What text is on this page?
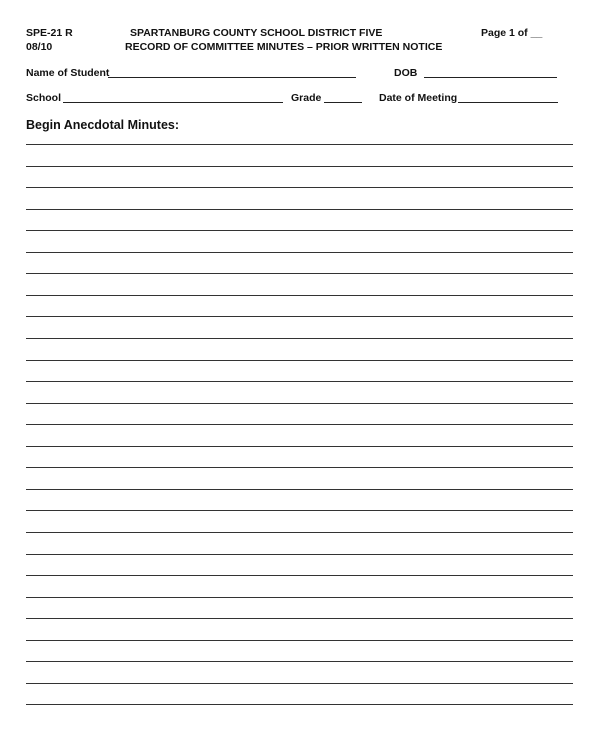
SPE-21 R
08/10
SPARTANBURG COUNTY SCHOOL DISTRICT FIVE
RECORD OF COMMITTEE MINUTES – PRIOR WRITTEN NOTICE
Page 1 of __
Name of Student	DOB
School	Grade	Date of Meeting
Begin Anecdotal Minutes:
